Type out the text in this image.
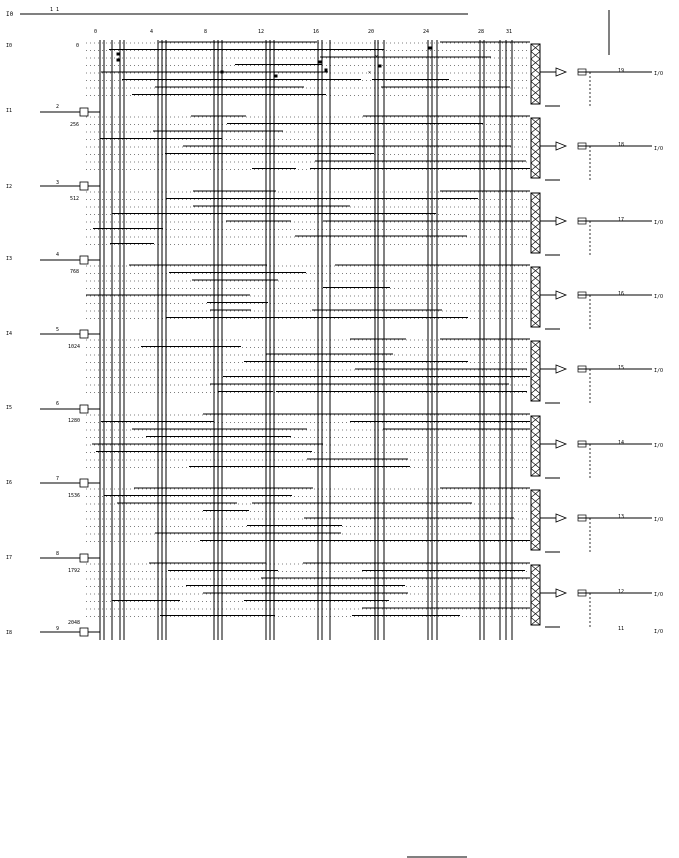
I0
1 1
0	4	8	12	16	20	24	28	31
I0
I1
I2
I3
I4
I5
I6
I7
I8
2
3
4
5
6
7
8
9
0
256
512
768
1024
1280
1536
1792
2048
19
18
17
16
15
14
13
12
11
I/O
I/O
I/O
I/O
I/O
I/O
I/O
I/O
I/O
________
×
×
